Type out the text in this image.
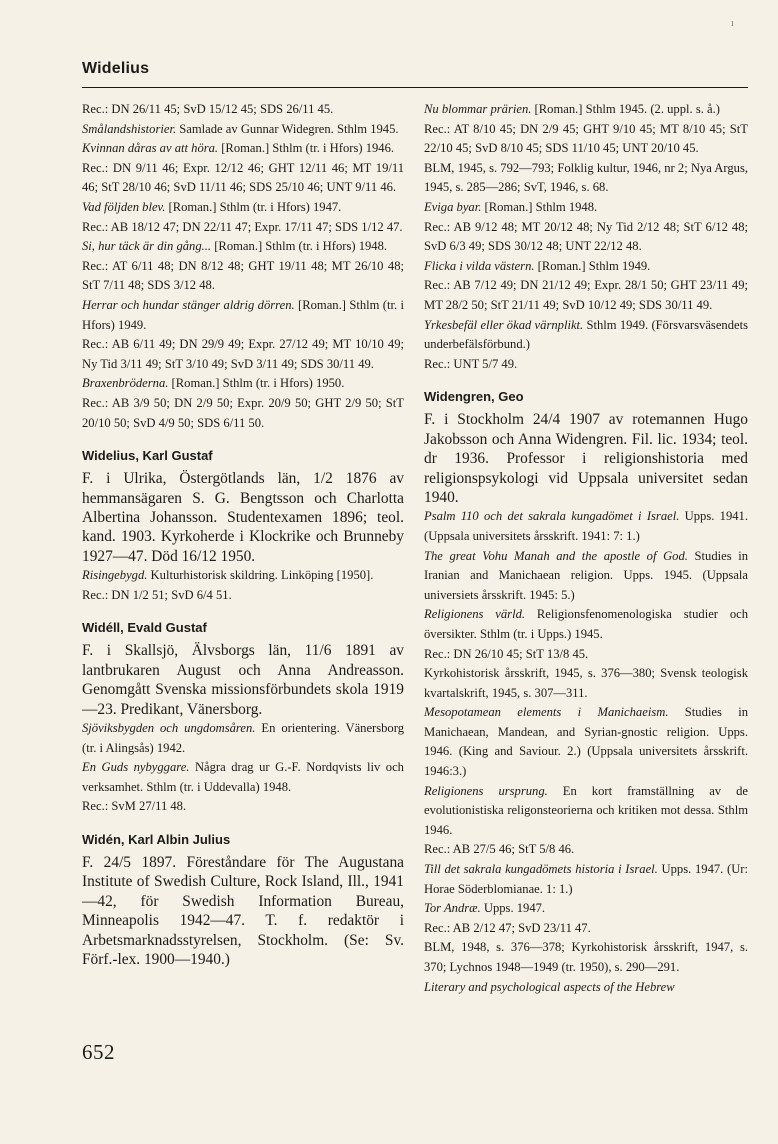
ı
Widelius

Rec.: DN 26/11 45; SvD 15/12 45; SDS 26/11 45.

Smålandshistorier. Samlade av Gunnar Widegren. Sthlm 1945.

Kvinnan dåras av att höra. [Roman.] Sthlm (tr. i Hfors) 1946.

Rec.: DN 9/11 46; Expr. 12/12 46; GHT 12/11 46; MT 19/11 46; StT 28/10 46; SvD 11/11 46; SDS 25/10 46; UNT 9/11 46.

Vad följden blev. [Roman.] Sthlm (tr. i Hfors) 1947.

Rec.: AB 18/12 47; DN 22/11 47; Expr. 17/11 47; SDS 1/12 47.

Si, hur täck är din gång... [Roman.] Sthlm (tr. i Hfors) 1948.

Rec.: AT 6/11 48; DN 8/12 48; GHT 19/11 48; MT 26/10 48; StT 7/11 48; SDS 3/12 48.

Herrar och hundar stänger aldrig dörren. [Roman.] Sthlm (tr. i Hfors) 1949.

Rec.: AB 6/11 49; DN 29/9 49; Expr. 27/12 49; MT 10/10 49; Ny Tid 3/11 49; StT 3/10 49; SvD 3/11 49; SDS 30/11 49.

Braxenbröderna. [Roman.] Sthlm (tr. i Hfors) 1950.

Rec.: AB 3/9 50; DN 2/9 50; Expr. 20/9 50; GHT 2/9 50; StT 20/10 50; SvD 4/9 50; SDS 6/11 50.

Widelius, Karl Gustaf

F. i Ulrika, Östergötlands län, 1/2 1876 av hemmansägaren S. G. Bengtsson och Charlotta Albertina Johansson. Studentexamen 1896; teol. kand. 1903. Kyrkoherde i Klockrike och Brunneby 1927—47. Död 16/12 1950.

Risingebygd. Kulturhistorisk skildring. Linköping [1950].

Rec.: DN 1/2 51; SvD 6/4 51.

Widéll, Evald Gustaf

F. i Skallsjö, Älvsborgs län, 11/6 1891 av lantbrukaren August och Anna Andreasson. Genomgått Svenska missionsförbundets skola 1919—23. Predikant, Vänersborg.

Sjöviksbygden och ungdomsåren. En orientering. Vänersborg (tr. i Alingsås) 1942.

En Guds nybyggare. Några drag ur G.-F. Nordqvists liv och verksamhet. Sthlm (tr. i Uddevalla) 1948.

Rec.: SvM 27/11 48.

Widén, Karl Albin Julius

F. 24/5 1897. Föreståndare för The Augustana Institute of Swedish Culture, Rock Island, Ill., 1941—42, för Swedish Information Bureau, Minneapolis 1942—47. T. f. redaktör i Arbetsmarknadsstyrelsen, Stockholm. (Se: Sv. Förf.-lex. 1900—1940.)

Nu blommar prärien. [Roman.] Sthlm 1945. (2. uppl. s. å.)

Rec.: AT 8/10 45; DN 2/9 45; GHT 9/10 45; MT 8/10 45; StT 22/10 45; SvD 8/10 45; SDS 11/10 45; UNT 20/10 45.

BLM, 1945, s. 792—793; Folklig kultur, 1946, nr 2; Nya Argus, 1945, s. 285—286; SvT, 1946, s. 68.

Eviga byar. [Roman.] Sthlm 1948.

Rec.: AB 9/12 48; MT 20/12 48; Ny Tid 2/12 48; StT 6/12 48; SvD 6/3 49; SDS 30/12 48; UNT 22/12 48.

Flicka i vilda västern. [Roman.] Sthlm 1949.

Rec.: AB 7/12 49; DN 21/12 49; Expr. 28/1 50; GHT 23/11 49; MT 28/2 50; StT 21/11 49; SvD 10/12 49; SDS 30/11 49.

Yrkesbefäl eller ökad värnplikt. Sthlm 1949. (Försvarsväsendets underbefälsförbund.)

Rec.: UNT 5/7 49.

Widengren, Geo

F. i Stockholm 24/4 1907 av rotemannen Hugo Jakobsson och Anna Widengren. Fil. lic. 1934; teol. dr 1936. Professor i religionshistoria med religionspsykologi vid Uppsala universitet sedan 1940.

Psalm 110 och det sakrala kungadömet i Israel. Upps. 1941. (Uppsala universitets årsskrift. 1941: 7: 1.)

The great Vohu Manah and the apostle of God. Studies in Iranian and Manichaean religion. Upps. 1945. (Uppsala universiets årsskrift. 1945: 5.)

Religionens värld. Religionsfenomenologiska studier och översikter. Sthlm (tr. i Upps.) 1945.

Rec.: DN 26/10 45; StT 13/8 45.

Kyrkohistorisk årsskrift, 1945, s. 376—380; Svensk teologisk kvartalskrift, 1945, s. 307—311.

Mesopotamean elements i Manichaeism. Studies in Manichaean, Mandean, and Syrian-gnostic religion. Upps. 1946. (King and Saviour. 2.) (Uppsala universitets årsskrift. 1946:3.)

Religionens ursprung. En kort framställning av de evolutionistiska religonsteorierna och kritiken mot dessa. Sthlm 1946.

Rec.: AB 27/5 46; StT 5/8 46.

Till det sakrala kungadömets historia i Israel. Upps. 1947. (Ur: Horae Söderblomianae. 1: 1.)

Tor Andræ. Upps. 1947.

Rec.: AB 2/12 47; SvD 23/11 47.

BLM, 1948, s. 376—378; Kyrkohistorisk årsskrift, 1947, s. 370; Lychnos 1948—1949 (tr. 1950), s. 290—291.

Literary and psychological aspects of the Hebrew

652
